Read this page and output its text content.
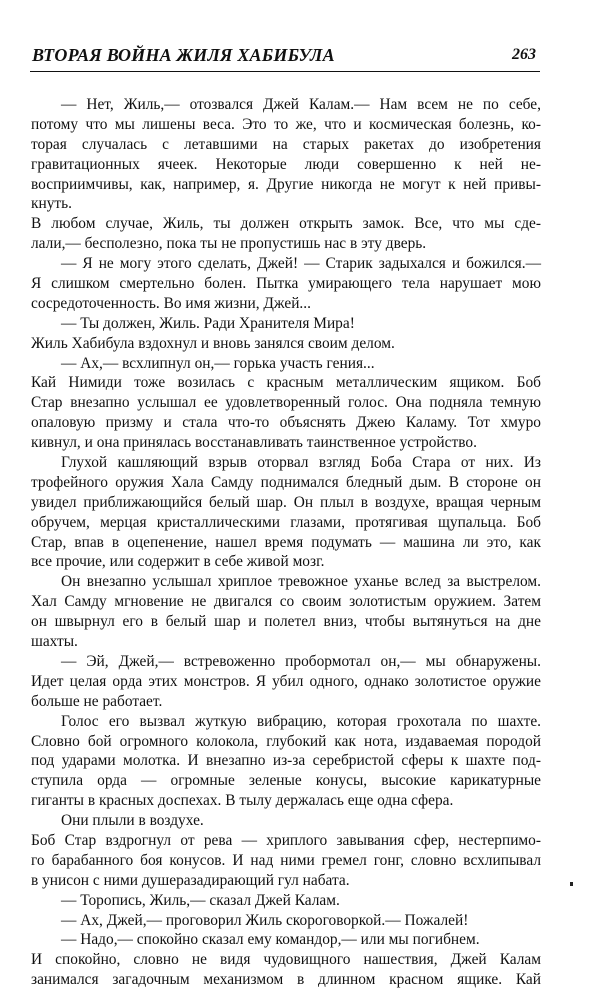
ВТОРАЯ ВОЙНА ЖИЛЯ ХАБИБУЛА	263
— Нет, Жиль,— отозвался Джей Калам.— Нам всем не по себе,
потому что мы лишены веса. Это то же, что и космическая болезнь, ко-
торая случалась с летавшими на старых ракетах до изобретения
гравитационных ячеек. Некоторые люди совершенно к ней не-
восприимчивы, как, например, я. Другие никогда не могут к ней привы-
кнуть.
В любом случае, Жиль, ты должен открыть замок. Все, что мы сде-
лали,— бесполезно, пока ты не пропустишь нас в эту дверь.
— Я не могу этого сделать, Джей! — Старик задыхался и божился.—
Я слишком смертельно болен. Пытка умирающего тела нарушает мою
сосредоточенность. Во имя жизни, Джей...
— Ты должен, Жиль. Ради Хранителя Мира!
Жиль Хабибула вздохнул и вновь занялся своим делом.
— Ах,— всхлипнул он,— горька участь гения...
Кай Нимиди тоже возилась с красным металлическим ящиком. Боб
Стар внезапно услышал ее удовлетворенный голос. Она подняла темную
опаловую призму и стала что-то объяснять Джею Каламу. Тот хмуро
кивнул, и она принялась восстанавливать таинственное устройство.
Глухой кашляющий взрыв оторвал взгляд Боба Стара от них. Из
трофейного оружия Хала Самду поднимался бледный дым. В стороне он
увидел приближающийся белый шар. Он плыл в воздухе, вращая черным
обручем, мерцая кристаллическими глазами, протягивая щупальца. Боб
Стар, впав в оцепенение, нашел время подумать — машина ли это, как
все прочие, или содержит в себе живой мозг.
Он внезапно услышал хриплое тревожное уханье вслед за выстрелом.
Хал Самду мгновение не двигался со своим золотистым оружием. Затем
он швырнул его в белый шар и полетел вниз, чтобы вытянуться на дне
шахты.
— Эй, Джей,— встревоженно пробормотал он,— мы обнаружены.
Идет целая орда этих монстров. Я убил одного, однако золотистое оружие
больше не работает.
Голос его вызвал жуткую вибрацию, которая грохотала по шахте.
Словно бой огромного колокола, глубокий как нота, издаваемая породой
под ударами молотка. И внезапно из-за серебристой сферы к шахте под-
ступила орда — огромные зеленые конусы, высокие карикатурные
гиганты в красных доспехах. В тылу держалась еще одна сфера.
Они плыли в воздухе.
Боб Стар вздрогнул от рева — хриплого завывания сфер, нестерпимо-
го барабанного боя конусов. И над ними гремел гонг, словно всхлипывал
в унисон с ними душеразадирающий гул набата.
— Торопись, Жиль,— сказал Джей Калам.
— Ах, Джей,— проговорил Жиль скороговоркой.— Пожалей!
— Надо,— спокойно сказал ему командор,— или мы погибнем.
И спокойно, словно не видя чудовищного нашествия, Джей Калам
занимался загадочным механизмом в длинном красном ящике. Кай
